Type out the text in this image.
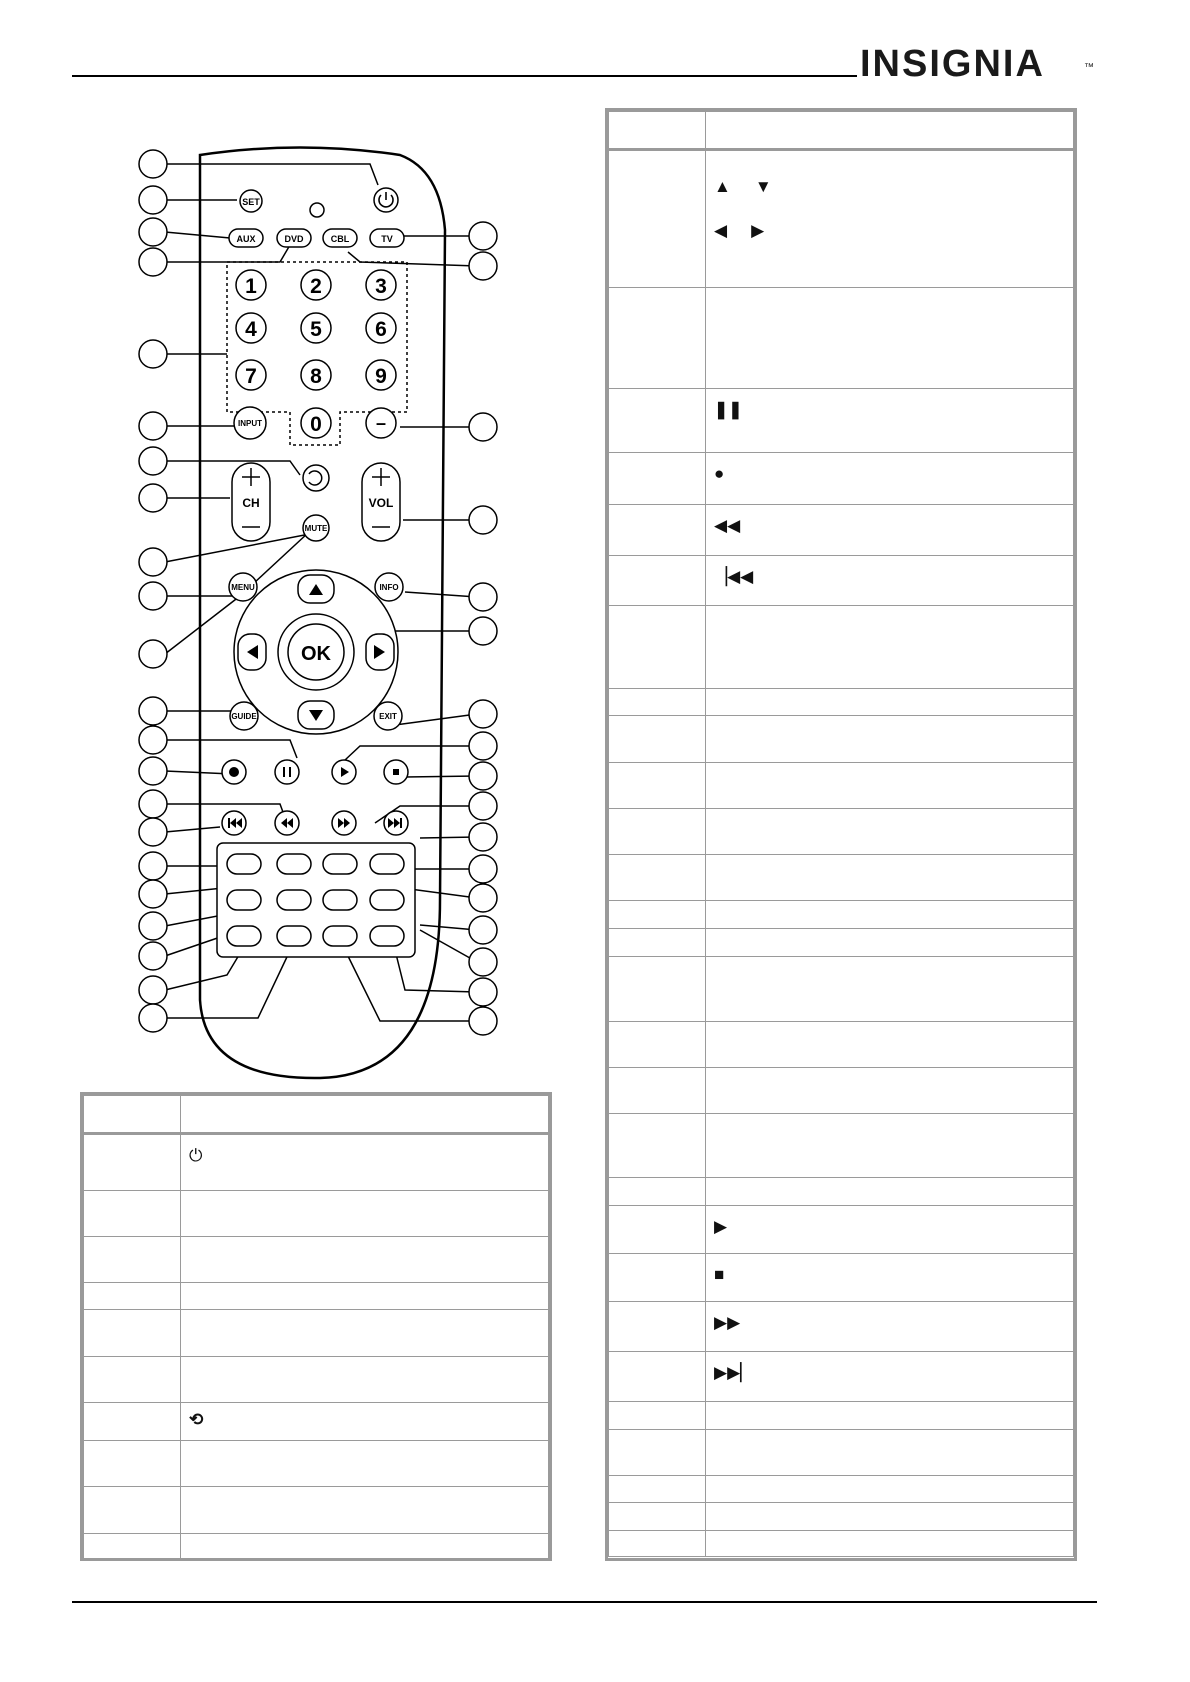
INSIGNIA	™
SET
AUX	DVD	CBL	TV
1	2	3
4	5	6
7	8	9
0
INPUT	–
CH	VOL
MUTE
MENU	INFO
OK
GUIDE	EXIT

	⏻

	⟲

	▲ ▼
◀ ▶

	❚❚
	●
	◀◀
	▕◀◀

	▶
	■
	▶▶
	▶▶▏
